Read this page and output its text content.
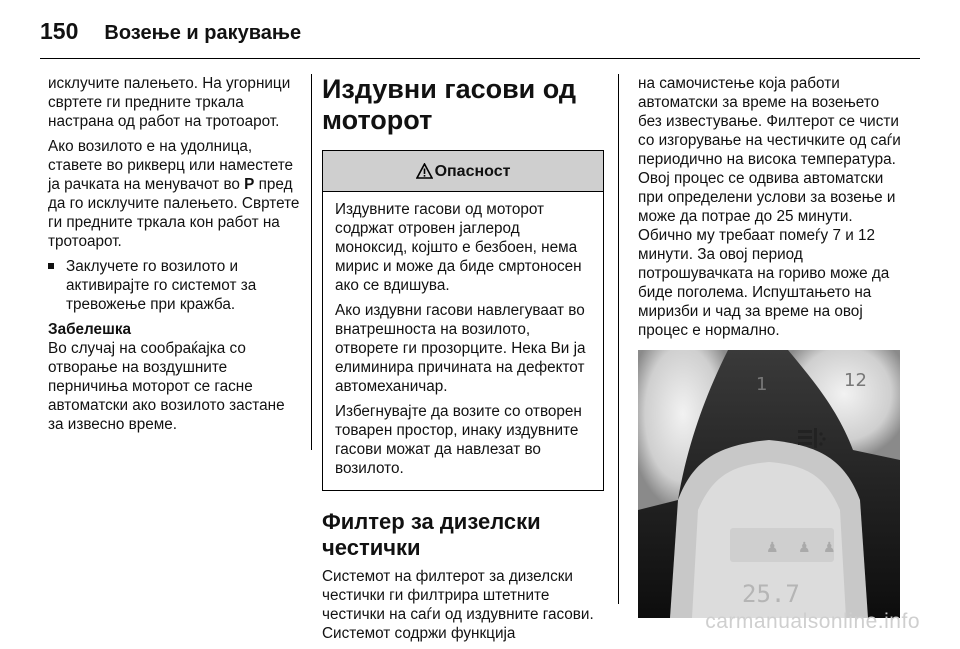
150 Возење и ракување

исклучите палењето. На угорници свртете ги предните тркала настрана од работ на тротоарот.

Ако возилото е на удолница, ставете во рикверц или наместете ја рачката на менувачот во P пред да го исклучите палењето. Свртете ги предните тркала кон работ на тротоарот.

Заклучете го возилото и активирајте го системот за тревожење при кражба.

Забелешка

Во случај на сообраќајка со отворање на воздушните перничиња моторот се гасне автоматски ако возилото застане за извесно време.

Издувни гасови од моторот
Опасност

Издувните гасови од моторот содржат отровен јаглерод моноксид, којшто е безбоен, нема мирис и може да биде смртоносен ако се вдишува.

Ако издувни гасови навлегуваат во внатрешноста на возилото, отворете ги прозорците. Нека Ви ја елиминира причината на дефектот автомеханичар.

Избегнувајте да возите со отворен товарен простор, инаку издувните гасови можат да навлезат во возилото.

Филтер за дизелски честички

Системот на филтерот за дизелски честички ги филтрира штетните честички на саѓи од издувните гасови. Системот содржи функција

на самочистење која работи автоматски за време на возењето без известување. Филтерот се чисти со изгорување на честичките од саѓи периодично на висока температура. Овој процес се одвива автоматски при определени услови за возење и може да потрае до 25 минути. Обично му требаат помеѓу 7 и 12 минути. За овој период потрошувачката на гориво може да биде поголема. Испуштањето на миризби и чад за време на овој процес е нормално.

1	12
♟ ♟ ♟
25.7
carmanualsonline.info
